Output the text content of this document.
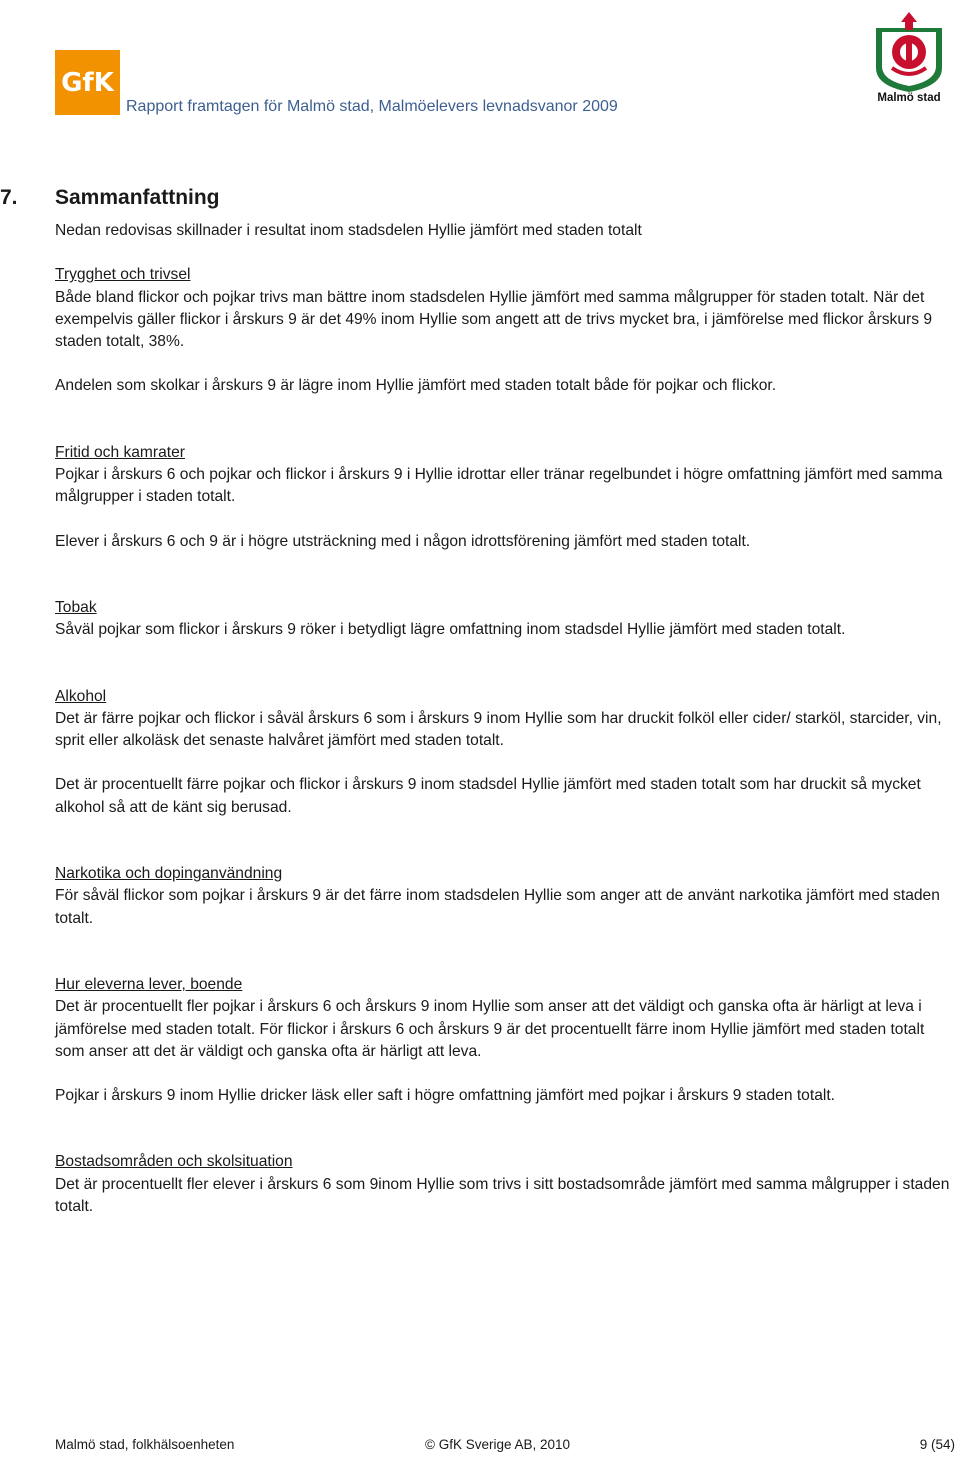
GfK
Rapport framtagen för Malmö stad, Malmöelevers levnadsvanor 2009	Malmö stad
7. Sammanfattning

Nedan redovisas skillnader i resultat inom stadsdelen Hyllie jämfört med staden totalt

Trygghet och trivsel

Både bland flickor och pojkar trivs man bättre inom stadsdelen Hyllie jämfört med samma målgrupper för staden totalt. När det exempelvis gäller flickor i årskurs 9 är det 49% inom Hyllie som angett att de trivs mycket bra, i jämförelse med flickor årskurs 9 staden totalt, 38%.

Andelen som skolkar i årskurs 9 är lägre inom Hyllie jämfört med staden totalt både för pojkar och flickor.

Fritid och kamrater

Pojkar i årskurs 6 och pojkar och flickor i årskurs 9 i Hyllie idrottar eller tränar regelbundet i högre omfattning jämfört med samma målgrupper i staden totalt.

Elever i årskurs 6 och 9 är i högre utsträckning med i någon idrottsförening jämfört med staden totalt.

Tobak

Såväl pojkar som flickor i årskurs 9 röker i betydligt lägre omfattning inom stadsdel Hyllie jämfört med staden totalt.

Alkohol

Det är färre pojkar och flickor i såväl årskurs 6 som i årskurs 9 inom Hyllie som har druckit folköl eller cider/ starköl, starcider, vin, sprit eller alkoläsk det senaste halvåret jämfört med staden totalt.

Det är procentuellt färre pojkar och flickor i årskurs 9 inom stadsdel Hyllie jämfört med staden totalt som har druckit så mycket alkohol så att de känt sig berusad.

Narkotika och dopinganvändning

För såväl flickor som pojkar i årskurs 9 är det färre inom stadsdelen Hyllie som anger att de använt narkotika jämfört med staden totalt.

Hur eleverna lever, boende

Det är procentuellt fler pojkar i årskurs 6 och årskurs 9 inom Hyllie som anser att det väldigt och ganska ofta är härligt at leva i jämförelse med staden totalt. För flickor i årskurs 6 och årskurs 9 är det procentuellt färre inom Hyllie jämfört med staden totalt som anser att det är väldigt och ganska ofta är härligt att leva.

Pojkar i årskurs 9 inom Hyllie dricker läsk eller saft i högre omfattning jämfört med pojkar i årskurs 9 staden totalt.

Bostadsområden och skolsituation

Det är procentuellt fler elever i årskurs 6 som 9inom Hyllie som trivs i sitt bostadsområde jämfört med samma målgrupper i staden totalt.

Malmö stad, folkhälsoenheten	© GfK Sverige AB, 2010	9 (54)
